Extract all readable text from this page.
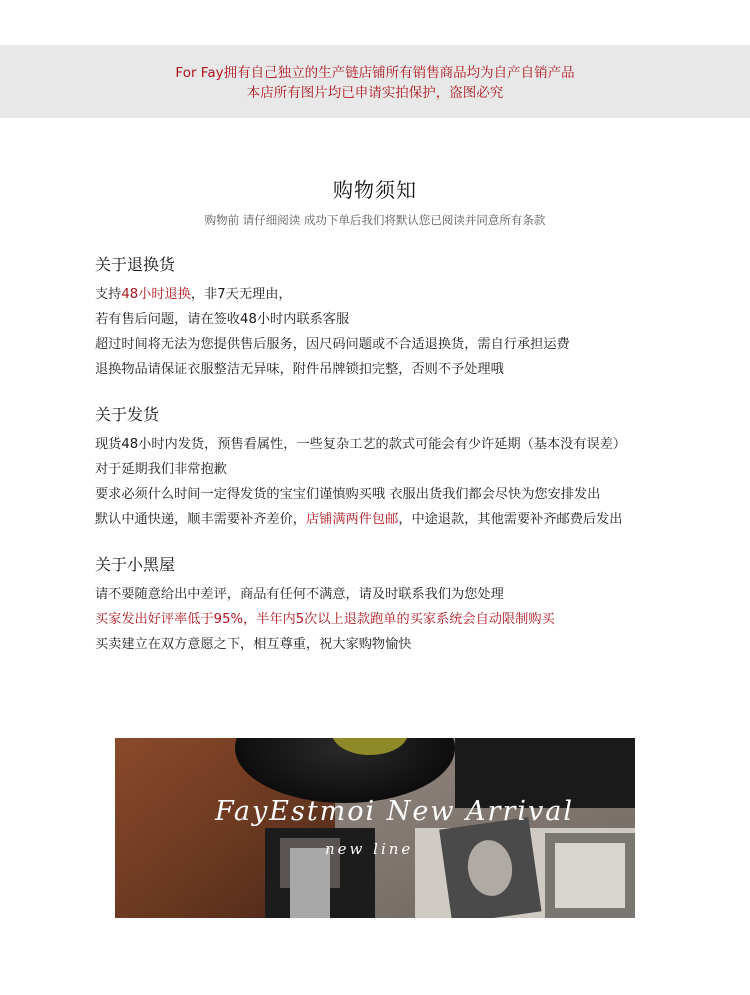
For Fay拥有自己独立的生产链店铺所有销售商品均为自产自销产品
本店所有图片均已申请实拍保护，盗图必究
购物须知
购物前 请仔细阅读 成功下单后我们将默认您已阅读并同意所有条款
关于退换货
支持48小时退换，非7天无理由，
若有售后问题，请在签收48小时内联系客服
超过时间将无法为您提供售后服务，因尺码问题或不合适退换货，需自行承担运费
退换物品请保证衣服整洁无异味，附件吊牌锁扣完整，否则不予处理哦
关于发货
现货48小时内发货，预售看属性，一些复杂工艺的款式可能会有少许延期（基本没有误差）
对于延期我们非常抱歉
要求必须什么时间一定得发货的宝宝们谨慎购买哦 衣服出货我们都会尽快为您安排发出
默认中通快递，顺丰需要补齐差价，店铺满两件包邮，中途退款，其他需要补齐邮费后发出
关于小黑屋
请不要随意给出中差评，商品有任何不满意，请及时联系我们为您处理
买家发出好评率低于95%，半年内5次以上退款跑单的买家系统会自动限制购买
买卖建立在双方意愿之下，相互尊重，祝大家购物愉快
FayEstmoi New Arrival
new line
